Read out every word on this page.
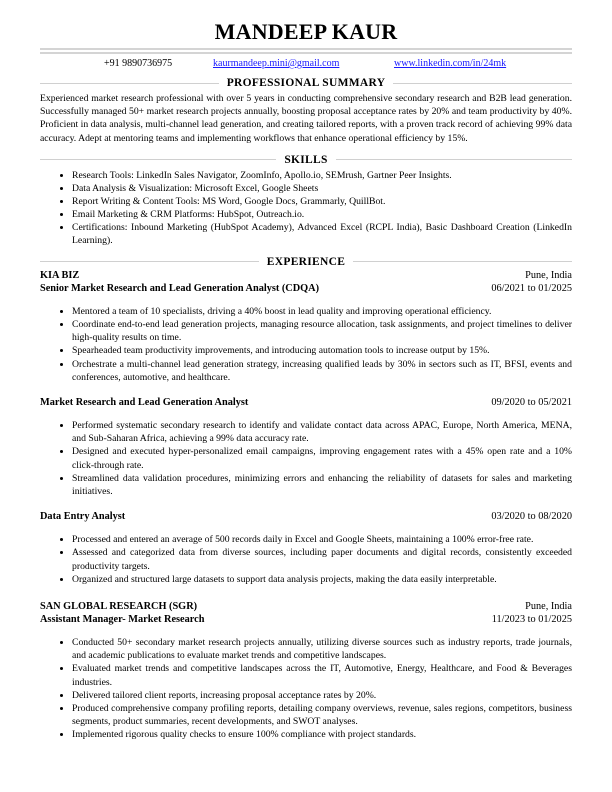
MANDEEP KAUR
+91 9890736975	kaurmandeep.mini@gmail.com	www.linkedin.com/in/24mk
PROFESSIONAL SUMMARY

Experienced market research professional with over 5 years in conducting comprehensive secondary research and B2B lead generation. Successfully managed 50+ market research projects annually, boosting proposal acceptance rates by 20% and team productivity by 40%. Proficient in data analysis, multi-channel lead generation, and creating tailored reports, with a proven track record of achieving 99% data accuracy. Adept at mentoring teams and implementing workflows that enhance operational efficiency by 15%.

SKILLS
• Research Tools: LinkedIn Sales Navigator, ZoomInfo, Apollo.io, SEMrush, Gartner Peer Insights.
• Data Analysis & Visualization: Microsoft Excel, Google Sheets
• Report Writing & Content Tools: MS Word, Google Docs, Grammarly, QuillBot.
• Email Marketing & CRM Platforms: HubSpot, Outreach.io.
• Certifications: Inbound Marketing (HubSpot Academy), Advanced Excel (RCPL India), Basic Dashboard Creation (LinkedIn Learning).
EXPERIENCE
KIA BIZ	Pune, India
Senior Market Research and Lead Generation Analyst (CDQA)	06/2021 to 01/2025
• Mentored a team of 10 specialists, driving a 40% boost in lead quality and improving operational efficiency.
• Coordinate end-to-end lead generation projects, managing resource allocation, task assignments, and project timelines to deliver high-quality results on time.
• Spearheaded team productivity improvements, and introducing automation tools to increase output by 15%.
• Orchestrate a multi-channel lead generation strategy, increasing qualified leads by 30% in sectors such as IT, BFSI, events and conferences, automotive, and healthcare.
Market Research and Lead Generation Analyst	09/2020 to 05/2021
• Performed systematic secondary research to identify and validate contact data across APAC, Europe, North America, MENA, and Sub-Saharan Africa, achieving a 99% data accuracy rate.
• Designed and executed hyper-personalized email campaigns, improving engagement rates with a 45% open rate and a 10% click-through rate.
• Streamlined data validation procedures, minimizing errors and enhancing the reliability of datasets for sales and marketing initiatives.
Data Entry Analyst	03/2020 to 08/2020
• Processed and entered an average of 500 records daily in Excel and Google Sheets, maintaining a 100% error-free rate.
• Assessed and categorized data from diverse sources, including paper documents and digital records, consistently exceeded productivity targets.
• Organized and structured large datasets to support data analysis projects, making the data easily interpretable.
SAN GLOBAL RESEARCH (SGR)	Pune, India
Assistant Manager- Market Research	11/2023 to 01/2025
• Conducted 50+ secondary market research projects annually, utilizing diverse sources such as industry reports, trade journals, and academic publications to evaluate market trends and competitive landscapes.
• Evaluated market trends and competitive landscapes across the IT, Automotive, Energy, Healthcare, and Food & Beverages industries.
• Delivered tailored client reports, increasing proposal acceptance rates by 20%.
• Produced comprehensive company profiling reports, detailing company overviews, revenue, sales regions, competitors, business segments, product summaries, recent developments, and SWOT analyses.
• Implemented rigorous quality checks to ensure 100% compliance with project standards.
